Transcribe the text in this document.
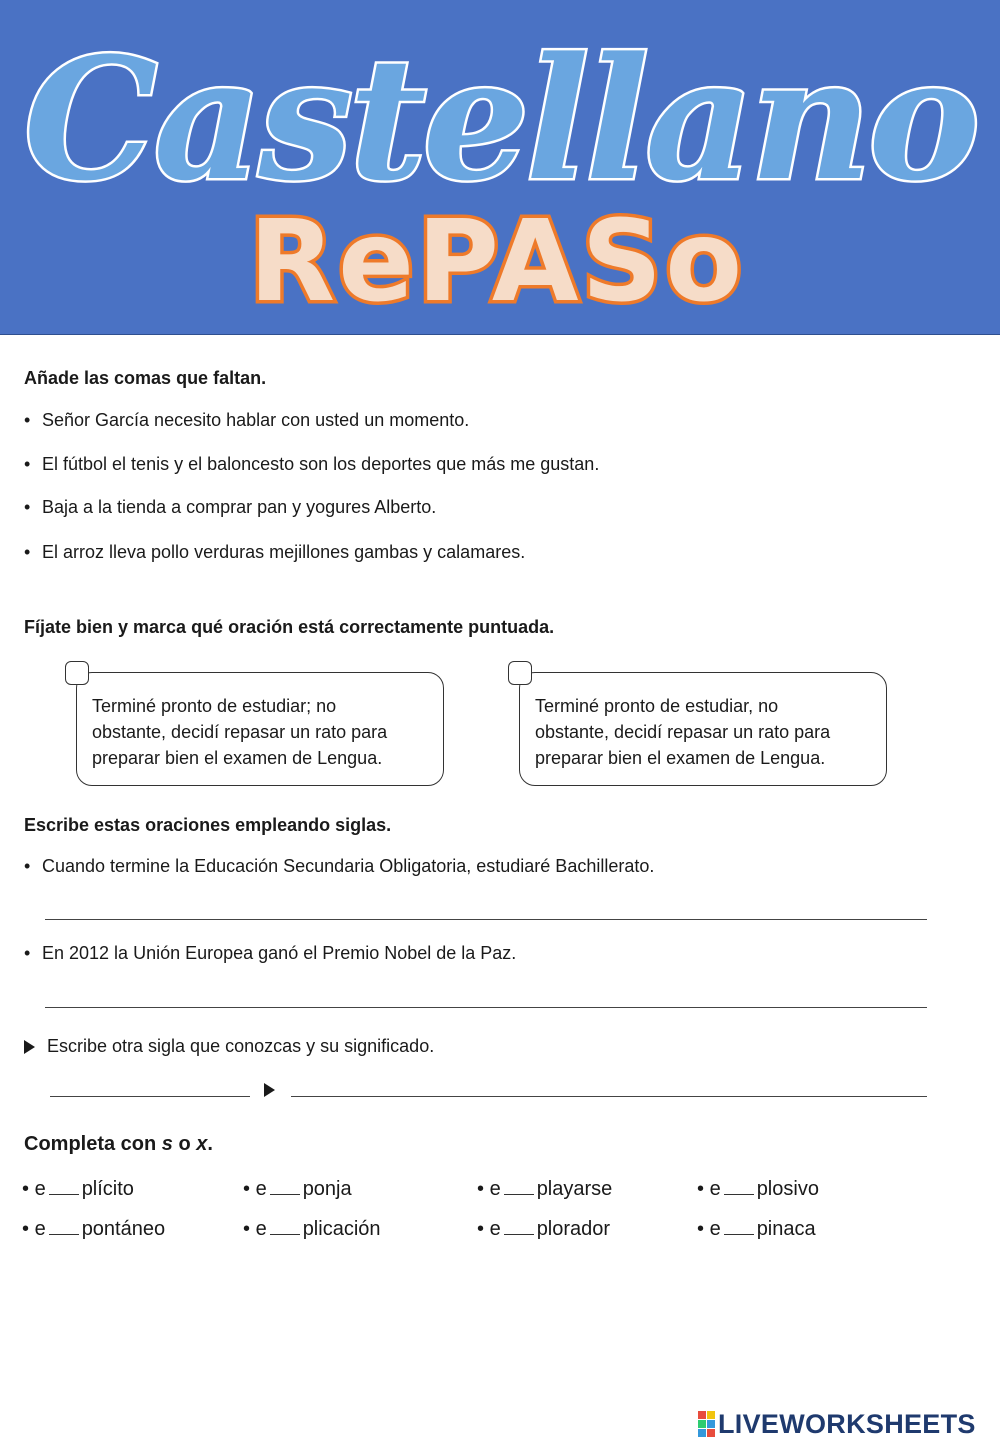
Castellano
RePASo

Añade las comas que faltan.

• Señor García necesito hablar con usted un momento.

• El fútbol el tenis y el baloncesto son los deportes que más me gustan.

• Baja a la tienda a comprar pan y yogures Alberto.

• El arroz lleva pollo verduras mejillones gambas y calamares.

Fíjate bien y marca qué oración está correctamente puntuada.

Terminé pronto de estudiar; no
obstante, decidí repasar un rato para
preparar bien el examen de Lengua.
Terminé pronto de estudiar, no
obstante, decidí repasar un rato para
preparar bien el examen de Lengua.

Escribe estas oraciones empleando siglas.

• Cuando termine la Educación Secundaria Obligatoria, estudiaré Bachillerato.

• En 2012 la Unión Europea ganó el Premio Nobel de la Paz.

Escribe otra sigla que conozcas y su significado.

Completa con s o x.

• e plícito	• e ponja	• e playarse	• e plosivo

• e pontáneo	• e plicación	• e plorador	• e pinaca

LIVEWORKSHEETS
